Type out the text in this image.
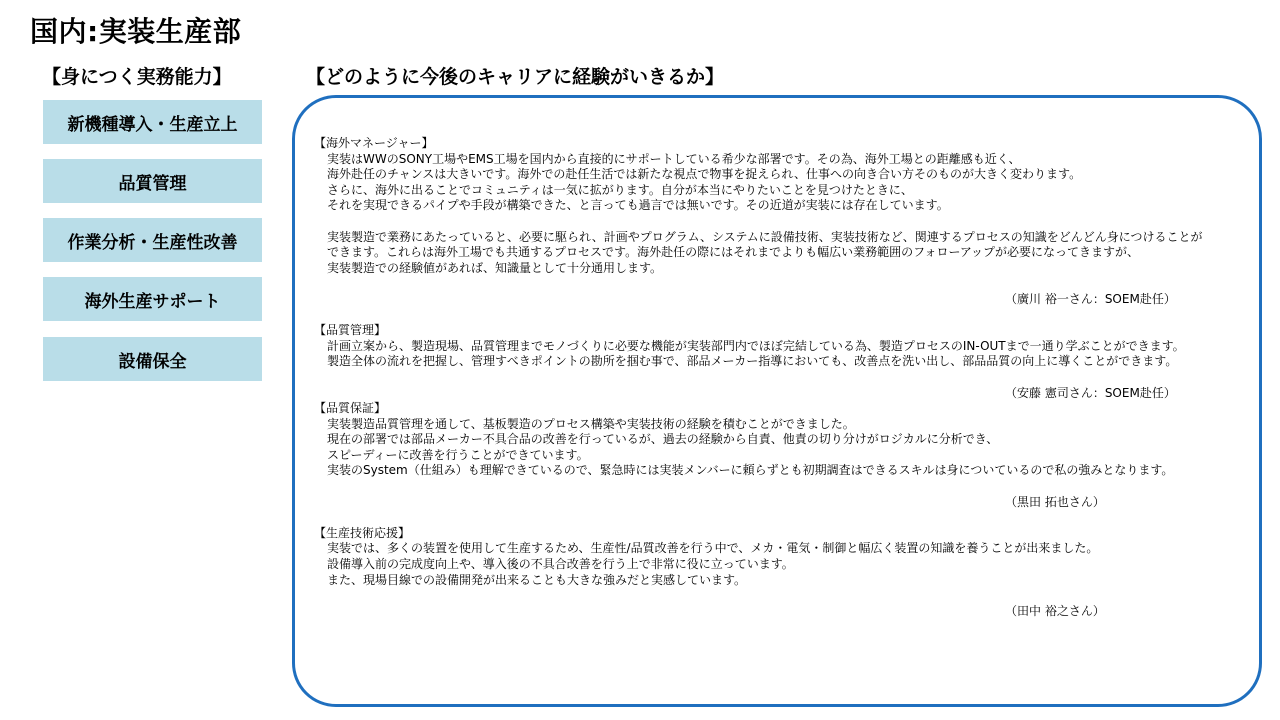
国内:実装生産部
【身につく実務能力】	【どのように今後のキャリアに経験がいきるか】
新機種導入・生産立上
品質管理
作業分析・生産性改善
海外生産サポート
設備保全
【海外マネージャー】
実装はWWのSONY工場やEMS工場を国内から直接的にサポートしている希少な部署です。その為、海外工場との距離感も近く、
海外赴任のチャンスは大きいです。海外での赴任生活では新たな視点で物事を捉えられ、仕事への向き合い方そのものが大きく変わります。
さらに、海外に出ることでコミュニティは一気に拡がります。自分が本当にやりたいことを見つけたときに、
それを実現できるパイプや手段が構築できた、と言っても過言では無いです。その近道が実装には存在しています。
実装製造で業務にあたっていると、必要に駆られ、計画やプログラム、システムに設備技術、実装技術など、関連するプロセスの知識をどんどん身につけることが
できます。これらは海外工場でも共通するプロセスです。海外赴任の際にはそれまでよりも幅広い業務範囲のフォローアップが必要になってきますが、
実装製造での経験値があれば、知識量として十分通用します。
（廣川 裕一さん：SOEM赴任）
【品質管理】
計画立案から、製造現場、品質管理までモノづくりに必要な機能が実装部門内でほぼ完結している為、製造プロセスのIN-OUTまで一通り学ぶことができます。
製造全体の流れを把握し、管理すべきポイントの勘所を掴む事で、部品メーカー指導においても、改善点を洗い出し、部品品質の向上に導くことができます。
（安藤 憲司さん：SOEM赴任）
【品質保証】
実装製造品質管理を通して、基板製造のプロセス構築や実装技術の経験を積むことができました。
現在の部署では部品メーカー不具合品の改善を行っているが、過去の経験から自責、他責の切り分けがロジカルに分析でき、
スピーディーに改善を行うことができています。
実装のSystem（仕組み）も理解できているので、緊急時には実装メンバーに頼らずとも初期調査はできるスキルは身についているので私の強みとなります。
（黒田 拓也さん）
【生産技術応援】
実装では、多くの装置を使用して生産するため、生産性/品質改善を行う中で、メカ・電気・制御と幅広く装置の知識を養うことが出来ました。
設備導入前の完成度向上や、導入後の不具合改善を行う上で非常に役に立っています。
また、現場目線での設備開発が出来ることも大きな強みだと実感しています。
（田中 裕之さん）
